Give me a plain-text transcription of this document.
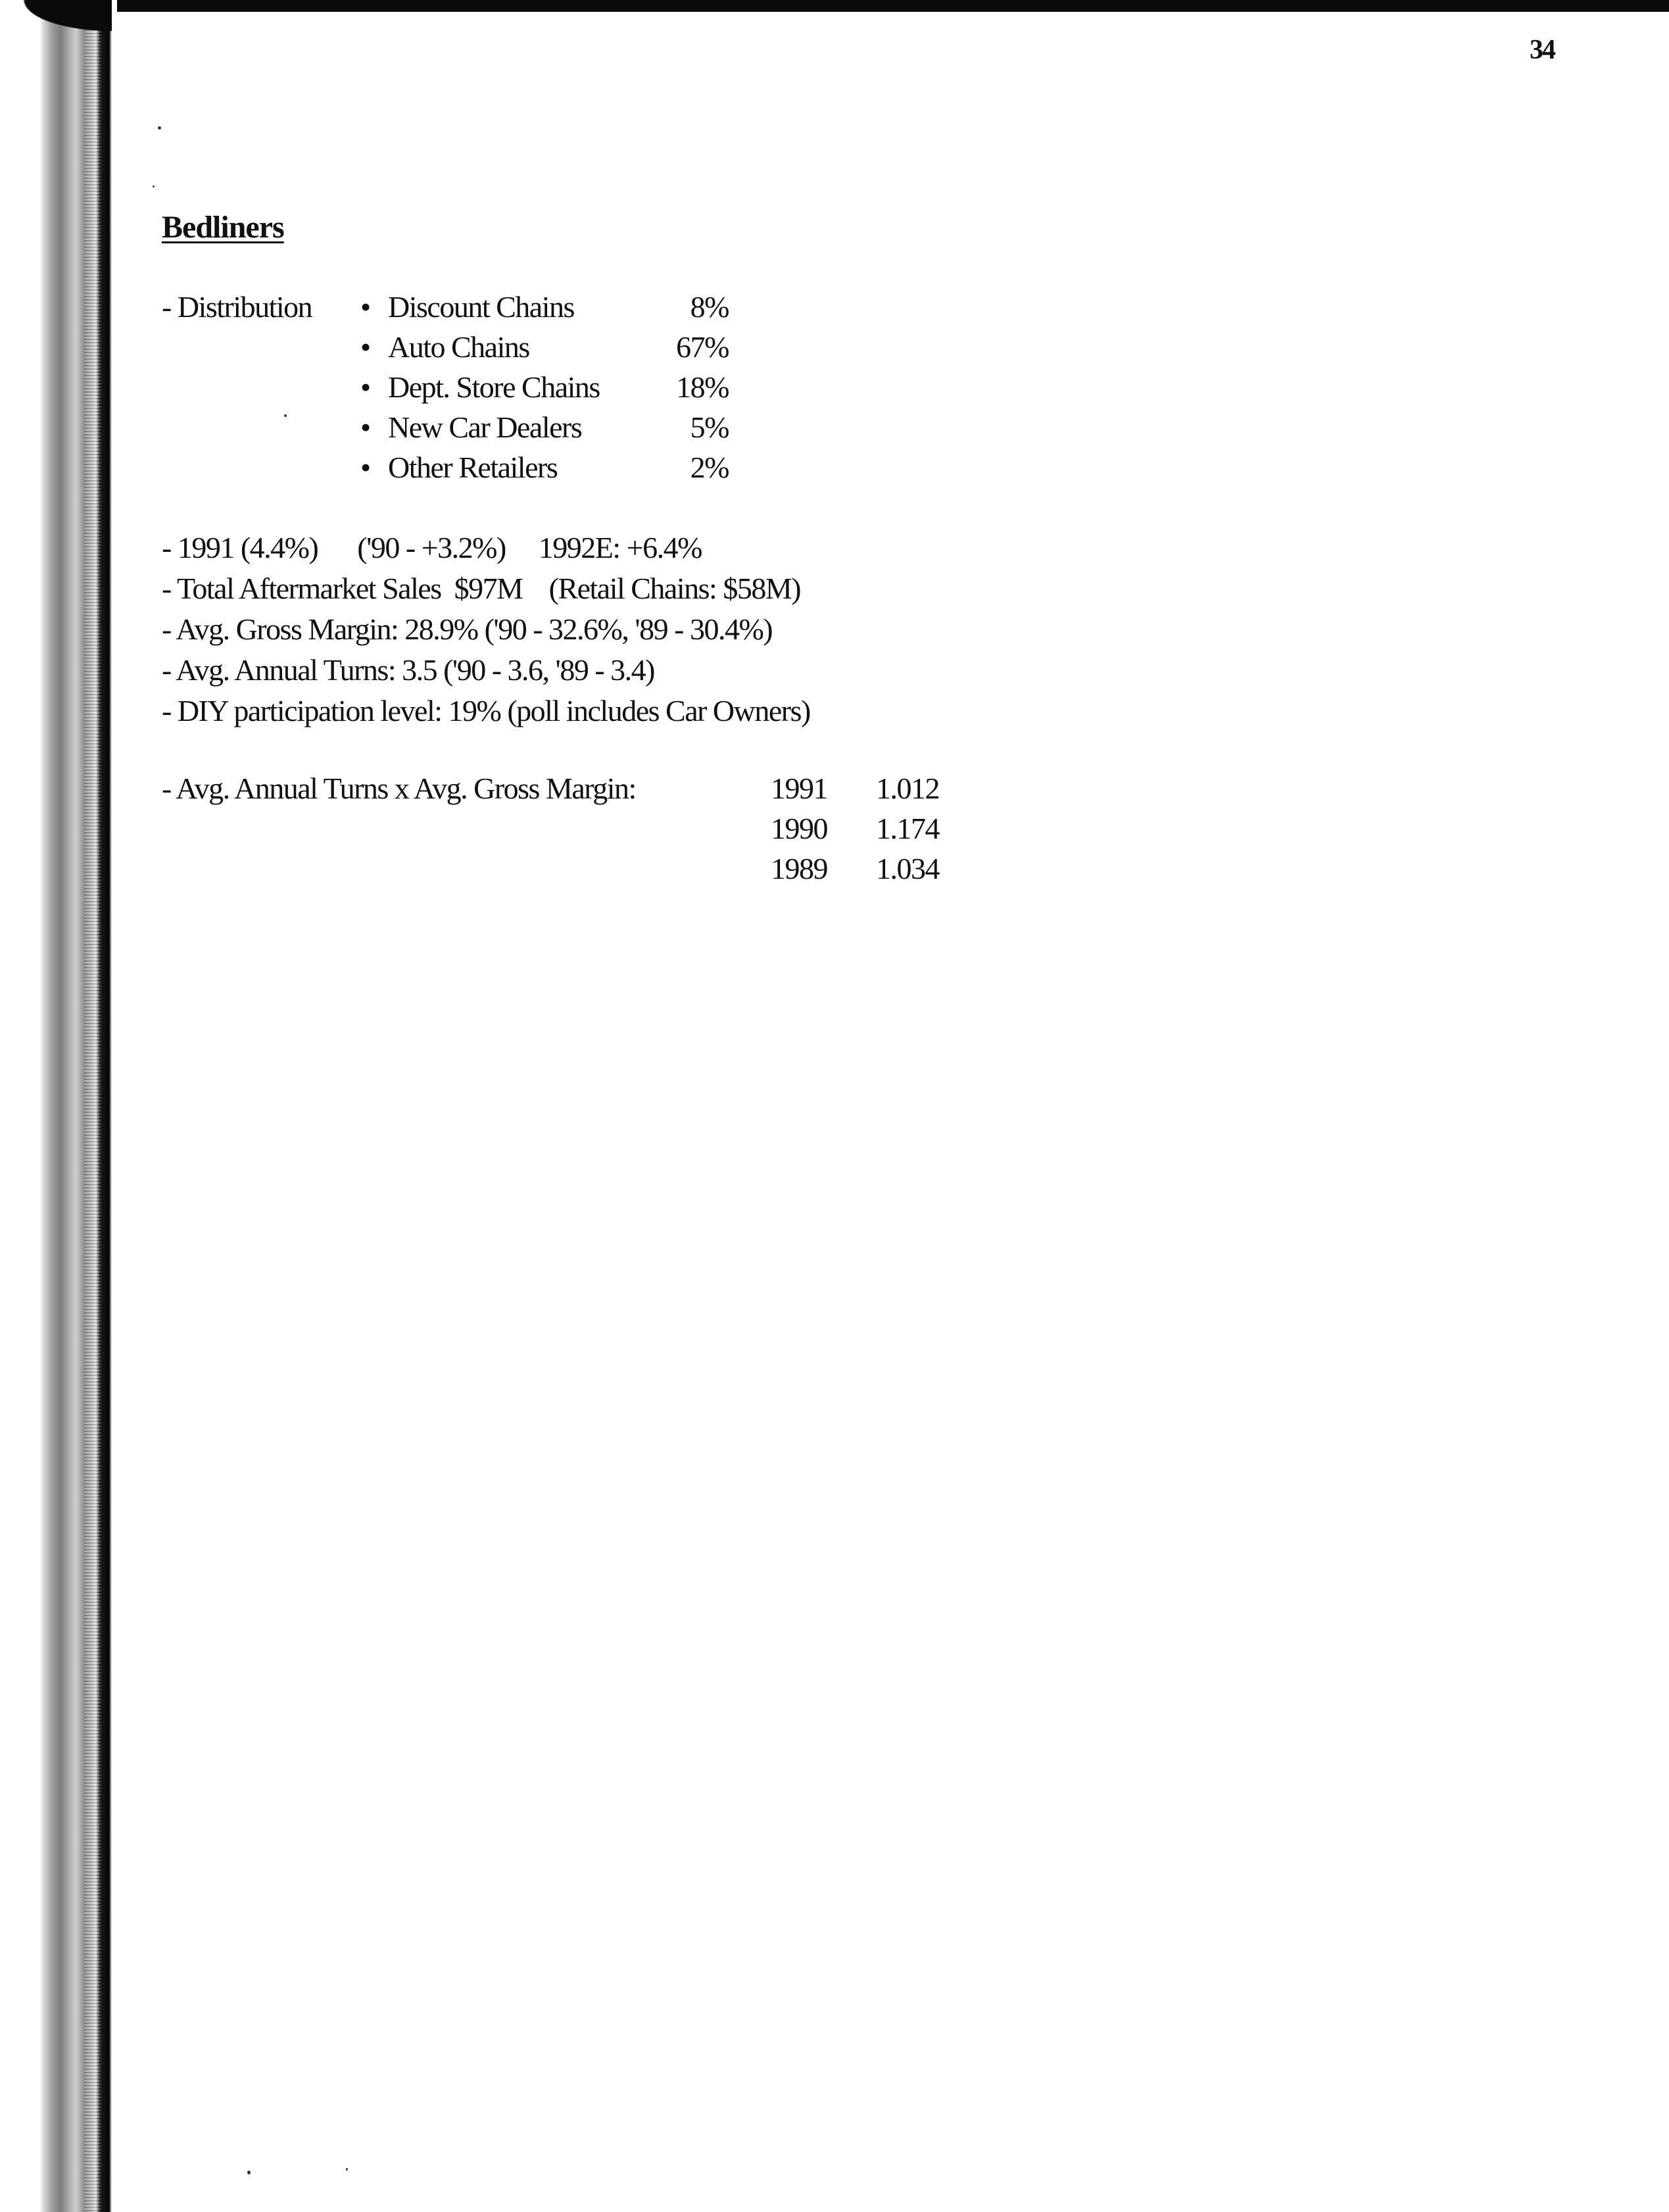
34
Bedliners
- Distribution • Discount Chains	8%
• Auto Chains	67%
• Dept. Store Chains	18%
• New Car Dealers	5%
• Other Retailers	2%
- 1991 (4.4%)      ('90 - +3.2%)     1992E: +6.4%
- Total Aftermarket Sales  $97M    (Retail Chains: $58M)
- Avg. Gross Margin: 28.9% ('90 - 32.6%, '89 - 30.4%)
- Avg. Annual Turns: 3.5 ('90 - 3.6, '89 - 3.4)
- DIY participation level: 19% (poll includes Car Owners)
- Avg. Annual Turns x Avg. Gross Margin:	1991 1.012
1990 1.174
1989 1.034
